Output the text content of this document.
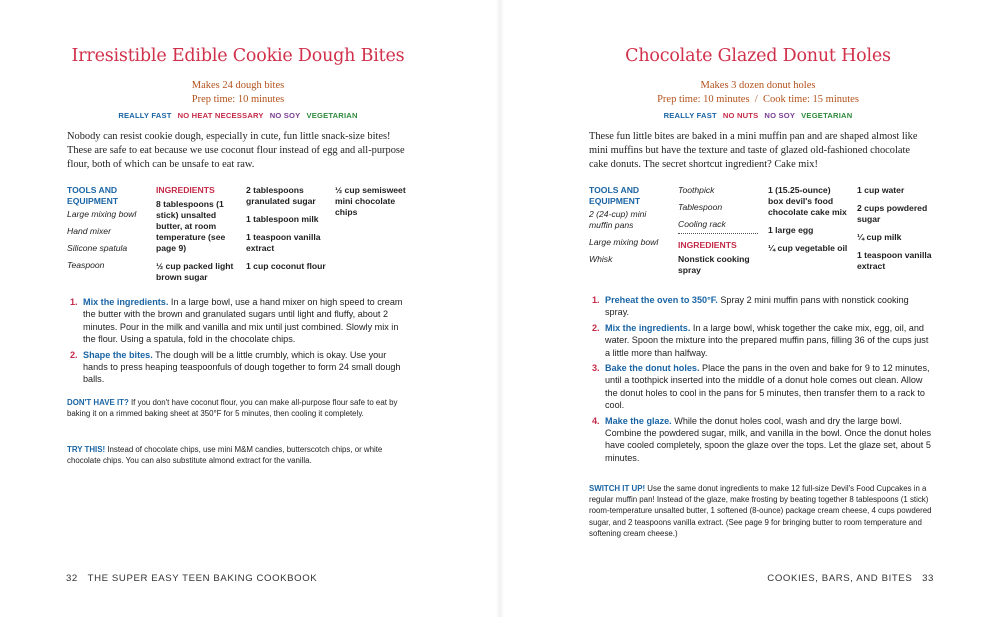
Irresistible Edible Cookie Dough Bites
Makes 24 dough bites
Prep time: 10 minutes
REALLY FAST NO HEAT NECESSARY NO SOY VEGETARIAN
Nobody can resist cookie dough, especially in cute, fun little snack-size bites! These are safe to eat because we use coconut flour instead of egg and all-purpose flour, both of which can be unsafe to eat raw.
TOOLS AND
EQUIPMENT
Large mixing bowl
Hand mixer
Silicone spatula
Teaspoon
INGREDIENTS
8 tablespoons (1 stick) unsalted butter, at room temperature (see page 9)
½ cup packed light brown sugar
2 tablespoons granulated sugar
1 tablespoon milk
1 teaspoon vanilla extract
1 cup coconut flour
½ cup semisweet mini chocolate chips
1. Mix the ingredients. In a large bowl, use a hand mixer on high speed to cream the butter with the brown and granulated sugars until light and fluffy, about 2 minutes. Pour in the milk and vanilla and mix until just combined. Slowly mix in the flour. Using a spatula, fold in the chocolate chips.
2. Shape the bites. The dough will be a little crumbly, which is okay. Use your hands to press heaping teaspoonfuls of dough together to form 24 small dough balls.
DON'T HAVE IT? If you don't have coconut flour, you can make all-purpose flour safe to eat by baking it on a rimmed baking sheet at 350°F for 5 minutes, then cooling it completely.
TRY THIS! Instead of chocolate chips, use mini M&M candies, butterscotch chips, or white chocolate chips. You can also substitute almond extract for the vanilla.
32 THE SUPER EASY TEEN BAKING COOKBOOK
Chocolate Glazed Donut Holes
Makes 3 dozen donut holes
Prep time: 10 minutes / Cook time: 15 minutes
REALLY FAST NO NUTS NO SOY VEGETARIAN
These fun little bites are baked in a mini muffin pan and are shaped almost like mini muffins but have the texture and taste of glazed old-fashioned chocolate cake donuts. The secret shortcut ingredient? Cake mix!
TOOLS AND
EQUIPMENT
2 (24-cup) mini muffin pans
Large mixing bowl
Whisk
Toothpick
Tablespoon
Cooling rack
INGREDIENTS
Nonstick cooking spray
1 (15.25-ounce) box devil's food chocolate cake mix
1 large egg
¼ cup vegetable oil
1 cup water
2 cups powdered sugar
¼ cup milk
1 teaspoon vanilla extract
1. Preheat the oven to 350°F. Spray 2 mini muffin pans with nonstick cooking spray.
2. Mix the ingredients. In a large bowl, whisk together the cake mix, egg, oil, and water. Spoon the mixture into the prepared muffin pans, filling 36 of the cups just a little more than halfway.
3. Bake the donut holes. Place the pans in the oven and bake for 9 to 12 minutes, until a toothpick inserted into the middle of a donut hole comes out clean. Allow the donut holes to cool in the pans for 5 minutes, then transfer them to a rack to cool.
4. Make the glaze. While the donut holes cool, wash and dry the large bowl. Combine the powdered sugar, milk, and vanilla in the bowl. Once the donut holes have cooled completely, spoon the glaze over the tops. Let the glaze set, about 5 minutes.
SWITCH IT UP! Use the same donut ingredients to make 12 full-size Devil's Food Cupcakes in a regular muffin pan! Instead of the glaze, make frosting by beating together 8 tablespoons (1 stick) room-temperature unsalted butter, 1 softened (8-ounce) package cream cheese, 4 cups powdered sugar, and 2 teaspoons vanilla extract. (See page 9 for bringing butter to room temperature and softening cream cheese.)
COOKIES, BARS, AND BITES 33
